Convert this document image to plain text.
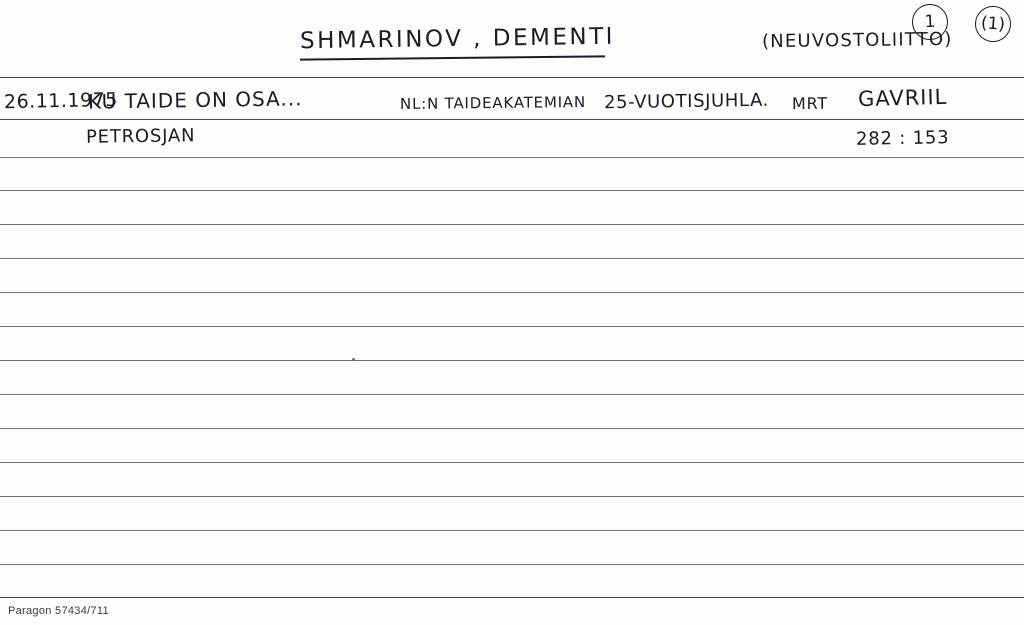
SHMARINOV , DEMENTI	(NEUVOSTOLIITTO)
1	(1)
26.11.1975
KU TAIDE ON OSA...	NL:N TAIDEAKATEMIAN 25-VUOTISJUHLA. MRT GAVRIIL
PETROSJAN	282 : 153
Paragon 57434/711
